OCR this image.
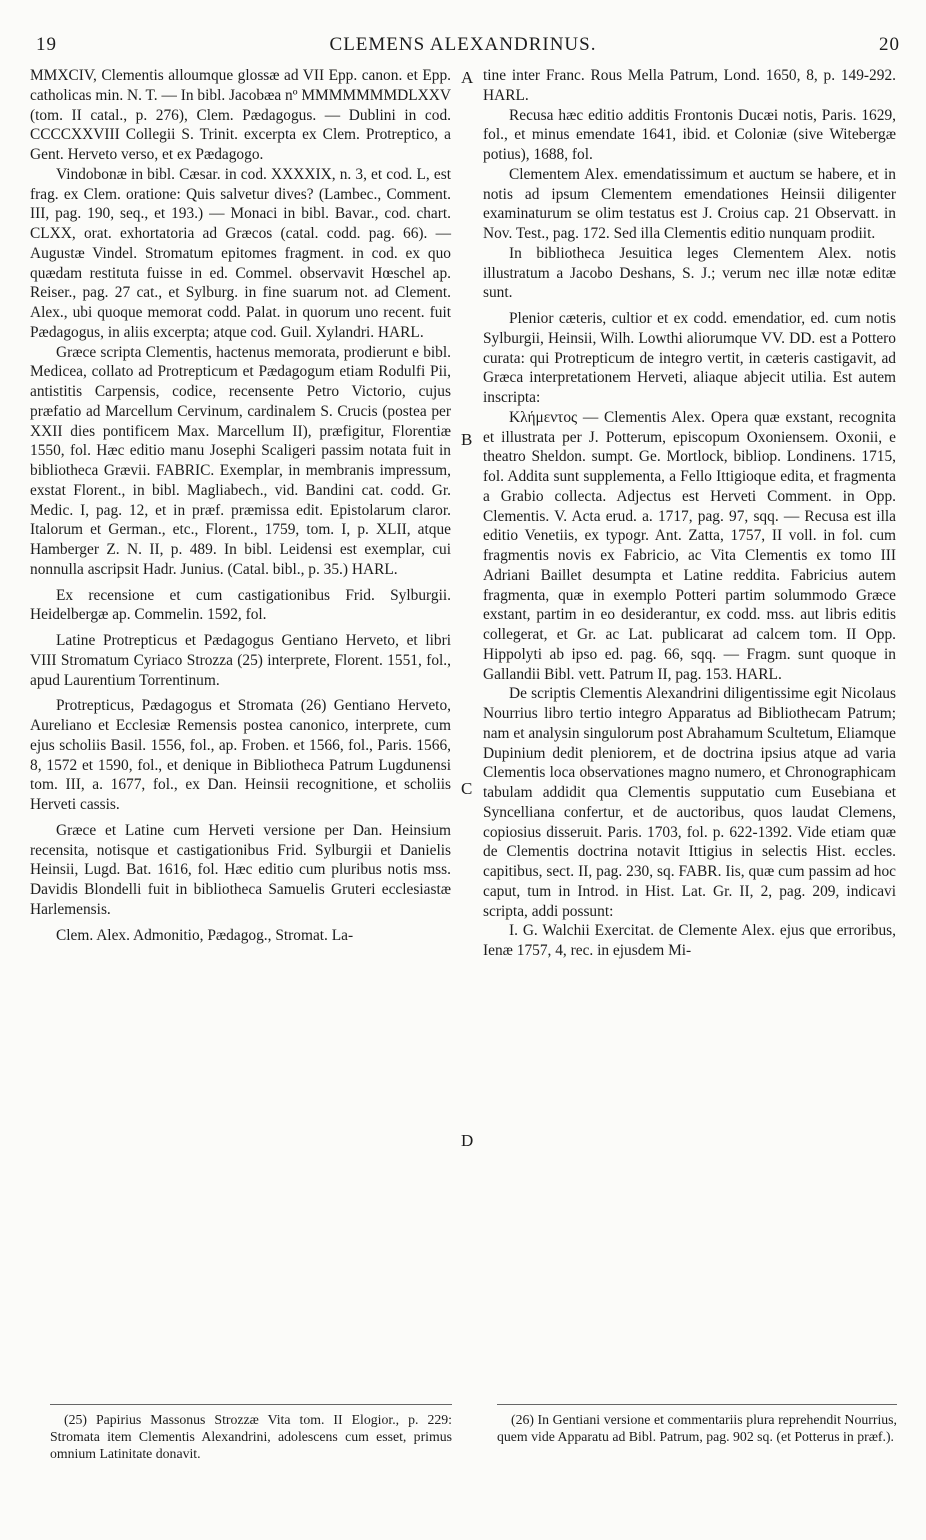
19	CLEMENS ALEXANDRINUS.	20
A
B
C
D

MMXCIV, Clementis alloumque glossæ ad VII Epp. canon. et Epp. catholicas min. N. T. — In bibl. Jacobæa nº MMMMMMMDLXXV (tom. II catal., p. 276), Clem. Pædagogus. — Dublini in cod. CCCCXXVIII Collegii S. Trinit. excerpta ex Clem. Protreptico, a Gent. Herveto verso, et ex Pædagogo.

Vindobonæ in bibl. Cæsar. in cod. XXXXIX, n. 3, et cod. L, est frag. ex Clem. oratione: Quis salvetur dives? (Lambec., Comment. III, pag. 190, seq., et 193.) — Monaci in bibl. Bavar., cod. chart. CLXX, orat. exhortatoria ad Græcos (catal. codd. pag. 66). — Augustæ Vindel. Stromatum epitomes fragment. in cod. ex quo quædam restituta fuisse in ed. Commel. observavit Hœschel ap. Reiser., pag. 27 cat., et Sylburg. in fine suarum not. ad Clement. Alex., ubi quoque memorat codd. Palat. in quorum uno recent. fuit Pædagogus, in aliis excerpta; atque cod. Guil. Xylandri. HARL.

Græce scripta Clementis, hactenus memorata, prodierunt e bibl. Medicea, collato ad Protrepticum et Pædagogum etiam Rodulfi Pii, antistitis Carpensis, codice, recensente Petro Victorio, cujus præfatio ad Marcellum Cervinum, cardinalem S. Crucis (postea per XXII dies pontificem Max. Marcellum II), præfigitur, Florentiæ 1550, fol. Hæc editio manu Josephi Scaligeri passim notata fuit in bibliotheca Grævii. FABRIC. Exemplar, in membranis impressum, exstat Florent., in bibl. Magliabech., vid. Bandini cat. codd. Gr. Medic. I, pag. 12, et in præf. præmissa edit. Epistolarum claror. Italorum et German., etc., Florent., 1759, tom. I, p. XLII, atque Hamberger Z. N. II, p. 489. In bibl. Leidensi est exemplar, cui nonnulla ascripsit Hadr. Junius. (Catal. bibl., p. 35.) HARL.

Ex recensione et cum castigationibus Frid. Sylburgii. Heidelbergæ ap. Commelin. 1592, fol.

Latine Protrepticus et Pædagogus Gentiano Herveto, et libri VIII Stromatum Cyriaco Strozza (25) interprete, Florent. 1551, fol., apud Laurentium Torrentinum.

Protrepticus, Pædagogus et Stromata (26) Gentiano Herveto, Aureliano et Ecclesiæ Remensis postea canonico, interprete, cum ejus scholiis Basil. 1556, fol., ap. Froben. et 1566, fol., Paris. 1566, 8, 1572 et 1590, fol., et denique in Bibliotheca Patrum Lugdunensi tom. III, a. 1677, fol., ex Dan. Heinsii recognitione, et scholiis Herveti cassis.

Græce et Latine cum Herveti versione per Dan. Heinsium recensita, notisque et castigationibus Frid. Sylburgii et Danielis Heinsii, Lugd. Bat. 1616, fol. Hæc editio cum pluribus notis mss. Davidis Blondelli fuit in bibliotheca Samuelis Gruteri ecclesiastæ Harlemensis.

Clem. Alex. Admonitio, Pædagog., Stromat. La-

tine inter Franc. Rous Mella Patrum, Lond. 1650, 8, p. 149-292. HARL.

Recusa hæc editio additis Frontonis Ducæi notis, Paris. 1629, fol., et minus emendate 1641, ibid. et Coloniæ (sive Witebergæ potius), 1688, fol.

Clementem Alex. emendatissimum et auctum se habere, et in notis ad ipsum Clementem emendationes Heinsii diligenter examinaturum se olim testatus est J. Croius cap. 21 Observatt. in Nov. Test., pag. 172. Sed illa Clementis editio nunquam prodiit.

In bibliotheca Jesuitica leges Clementem Alex. notis illustratum a Jacobo Deshans, S. J.; verum nec illæ notæ editæ sunt.

Plenior cæteris, cultior et ex codd. emendatior, ed. cum notis Sylburgii, Heinsii, Wilh. Lowthi aliorumque VV. DD. est a Pottero curata: qui Protrepticum de integro vertit, in cæteris castigavit, ad Græca interpretationem Herveti, aliaque abjecit utilia. Est autem inscripta:

Κλήμεντος — Clementis Alex. Opera quæ exstant, recognita et illustrata per J. Potterum, episcopum Oxoniensem. Oxonii, e theatro Sheldon. sumpt. Ge. Mortlock, bibliop. Londinens. 1715, fol. Addita sunt supplementa, a Fello Ittigioque edita, et fragmenta a Grabio collecta. Adjectus est Herveti Comment. in Opp. Clementis. V. Acta erud. a. 1717, pag. 97, sqq. — Recusa est illa editio Venetiis, ex typogr. Ant. Zatta, 1757, II voll. in fol. cum fragmentis novis ex Fabricio, ac Vita Clementis ex tomo III Adriani Baillet desumpta et Latine reddita. Fabricius autem fragmenta, quæ in exemplo Potteri partim solummodo Græce exstant, partim in eo desiderantur, ex codd. mss. aut libris editis collegerat, et Gr. ac Lat. publicarat ad calcem tom. II Opp. Hippolyti ab ipso ed. pag. 66, sqq. — Fragm. sunt quoque in Gallandii Bibl. vett. Patrum II, pag. 153. HARL.

De scriptis Clementis Alexandrini diligentissime egit Nicolaus Nourrius libro tertio integro Apparatus ad Bibliothecam Patrum; nam et analysin singulorum post Abrahamum Scultetum, Eliamque Dupinium dedit pleniorem, et de doctrina ipsius atque ad varia Clementis loca observationes magno numero, et Chronographicam tabulam addidit qua Clementis supputatio cum Eusebiana et Syncelliana confertur, et de auctoribus, quos laudat Clemens, copiosius disseruit. Paris. 1703, fol. p. 622-1392. Vide etiam quæ de Clementis doctrina notavit Ittigius in selectis Hist. eccles. capitibus, sect. II, pag. 230, sq. FABR. Iis, quæ cum passim ad hoc caput, tum in Introd. in Hist. Lat. Gr. II, 2, pag. 209, indicavi scripta, addi possunt:

I. G. Walchii Exercitat. de Clemente Alex. ejus que erroribus, Ienæ 1757, 4, rec. in ejusdem Mi-

(25) Papirius Massonus Strozzæ Vita tom. II Elogior., p. 229: Stromata item Clementis Alexandrini, adolescens cum esset, primus omnium Latinitate donavit.

(26) In Gentiani versione et commentariis plura reprehendit Nourrius, quem vide Apparatu ad Bibl. Patrum, pag. 902 sq. (et Potterus in præf.).
